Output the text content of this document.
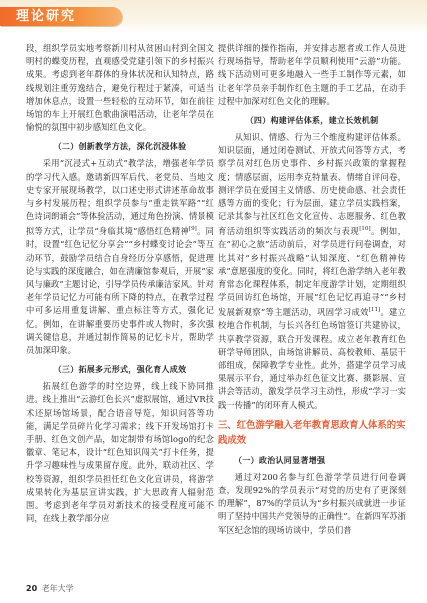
理论研究

段，组织学员实地考察新川村从贫困山村到全国文明村的蝶变历程，直观感受党建引领下的乡村振兴成果。考虑到老年群体的身体状况和认知特点，路线规划注重劳逸结合，避免行程过于紧凑，可适当增加休息点，设置一些轻松的互动环节，如在前往场馆的车上开展红色歌曲演唱活动，让老年学员在愉悦的氛围中初步感知红色文化。

（二）创新教学方法，深化沉浸体验

采用“沉浸式+互动式”教学法，增强老年学员的学习代入感。邀请新四军后代、老党员、当地文史专家开展现场教学，以口述史形式讲述革命故事与乡村发展历程；组织学员参与“重走铁军路”“红色诗词朗诵会”等体验活动，通过角色扮演、情景模拟等方式，让学员“身临其境”感悟红色精神[9]。同时，设置“红色记忆分享会”“乡村蝶变讨论会”等互动环节，鼓励学员结合自身经历分享感悟，促进理论与实践的深度融合，如在清廉馆参观后，开展“家风与廉政”主题讨论，引导学员传承廉洁家风。针对老年学员记忆力可能有所下降的特点，在教学过程中可多运用重复讲解、重点标注等方式，强化记忆。例如，在讲解重要历史事件或人物时，多次强调关键信息，并通过制作简易的记忆卡片，帮助学员加深印象。

（三）拓展多元形式，强化育人成效

拓展红色游学的时空边界，线上线下协同推进。线上推出“云游红色长兴”虚拟展馆，通过VR技术还原场馆场景，配合语音导览，知识问答等功能，满足学员碎片化学习需求；线下开发场馆打卡手册、红色文创产品，如定制带有场馆logo的纪念徽章、笔记本，设计“红色知识闯关”打卡任务，提升学习趣味性与成果留存度。此外，联动社区、学校等资源，组织学员担任红色文化宣讲员，将游学成果转化为基层宣讲实践，扩大思政育人辐射范围。考虑到老年学员对新技术的接受程度可能不同，在线上教学部分应

提供详细的操作指南，并安排志愿者或工作人员进行现场指导，帮助老年学员顺利使用“云游”功能。线下活动则可更多地融入一些手工制作等元素，如让老年学员亲手制作红色主题的手工艺品，在动手过程中加深对红色文化的理解。

（四）构建评估体系，建立长效机制

从知识、情感、行为三个维度构建评估体系。知识层面，通过闭卷测试、开放式问答等方式，考察学员对红色历史事件、乡村振兴政策的掌握程度；情感层面，运用李克特量表、情绪自评问卷，测评学员在爱国主义情感、历史使命感、社会责任感等方面的变化；行为层面，建立学员实践档案，记录其参与社区红色文化宣传、志愿服务、红色教育活动组织等实践活动的频次与表现[10]。例如，在“初心之旅”活动前后，对学员进行问卷调查，对比其对“乡村振兴战略”认知深度、“红色精神传承”意愿强度的变化。同时，将红色游学纳入老年教育常态化课程体系，制定年度游学计划，定期组织学员回访红色场馆，开展“红色记忆再追寻”“乡村发展新观察”等主题活动，巩固学习成效[11]。建立校地合作机制，与长兴各红色场馆签订共建协议，共享教学资源，联合开发课程。成立老年教育红色研学导师团队，由场馆讲解员、高校教师、基层干部组成，保障教学专业性。此外，搭建学员学习成果展示平台，通过举办红色征文比赛、摄影展、宣讲会等活动，激发学员学习主动性，形成“学习一实践一传播”的闭环育人模式。

三、红色游学融入老年教育思政育人体系的实践成效
（一）政治认同显著增强

通过对200名参与红色游学学员进行问卷调查，发现92%的学员表示“对党的历史有了更深刻的理解”，87%的学员认为“乡村振兴成就进一步证明了坚持中国共产党领导的正确性”。在新四军苏浙军区纪念馆的现场访谈中，学员们普

20 老年大学
